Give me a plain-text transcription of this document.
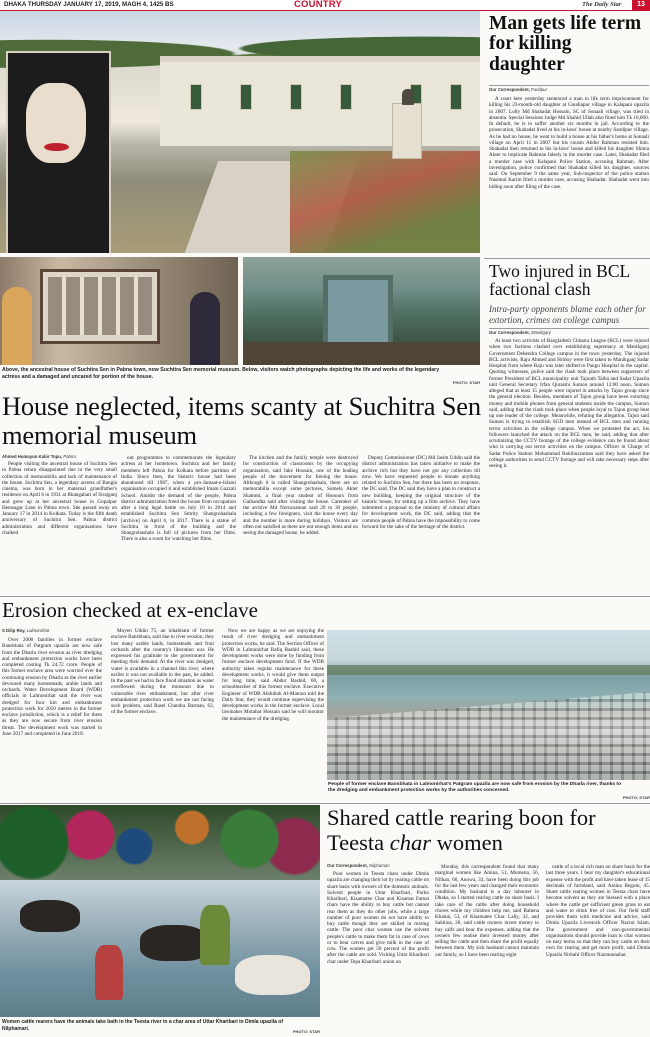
DHAKA THURSDAY JANUARY 17, 2019, MAGH 4, 1425 BS	COUNTRY	The Daily Star	13
Above, the ancestral house of Suchitra Sen in Pabna town, now Suchitra Sen memorial museum. Below, visitors watch photographs depicting the life and works of the legendary actress and a damaged and uncared for portion of the house.
PHOTO: STAR
Man gets life term for killing daughter
Our Correspondent, Faridpur

A court here yesterday sentenced a man to life term imprisonment for killing his 23-month-old daughter at Gaudiapur village in Kalapani upazila in 2007. Lolly Md Shahadat Hossain, SC of Sonaali village, was tried in absentia. Special Sessions Judge Md Shahid Ullah also fined him Tk 10,000. In default, he is to suffer another six months in jail. According to the prosecution, Shahadat lived at his in-laws' house at nearby Sandipur village. As he had no house, he went to build a house at his father's home at Sonaali village on April 11 in 2007 but his cousin Abdur Rahman resisted him. Shahadat then returned to his in-laws' house and killed his daughter Shima Akter to implicate Rahman falsely in the murder case. Later, Shahadat filed a murder case with Kalapani Police Station, accusing Rahman. After investigation, police confirmed that Shahadat killed his daughter, sources said. On September 9 the same year, Sub-inspector of the police station Nasimul Karim filed a murder case, accusing Shahadat. Shahadat went into hiding soon after filing of the case.

Two injured in BCL factional clash
Intra-party opponents blame each other for extortion, crimes on college campus
Our Correspondent, Manikganj

At least two activists of Bangladesh Chhatra League (BCL) were injured when two factions clashed over establishing supremacy at Manikganj Government Debendra College campus in the town yesterday. The injured BCL activists, Raju Ahmed and Hridoy were first taken to Manikganj Sadar Hospital from where Raju was later shifted to Pangu Hospital in the capital. Quoting witnesses, police said the clash took place between supporters of former President of BCL municipality unit Tajonth Talha and Sadar Upazila unit General Secretary Irfan Quraishi Sumon around 12:00 noon. Sumon alleged that at least 15 people were injured in attacks by Tajon group since the general election. Besides, members of Tajon group have been extorting money and mobile phones from general students inside the campus, Sumon said, adding that the clash took place when people loyal to Tajon group beat up one leader of the college. Meanwhile, refuting the allegation, Tajon said Sumon is trying to establish SGD men instead of BCL men and running terror activities in the college campus. When we protested the act, his followers launched the attack on the BCL men, he said, adding that after scrutinizing the CCTV footage of the college evidence can be found about who is carrying out terror activities on the campus. Officer in Charge of Sadar Police Station Mohammad Rokibuzzaman said they have asked the college authorities to send CCTV footage and will take necessary steps after seeing it.

House neglected, items scanty at Suchitra Sen memorial museum
Ahmed Humayun Kabir Topu, Pabna

People visiting the ancestral house of Suchitra Sen in Pabna return disappointed due to the very small collection of memorabilia and lack of maintenance of the house. Suchitra Sen, a legendary actress of Bangla cinema, was born in her maternal grandfather's residence on April 6 in 1931 at Bhangabari of Sirajganj and grew up at her ancestral house in Gopalpur Hemsagar Lane in Pabna town. She passed away on January 17 in 2014 in Kolkata. Today is the fifth death anniversary of Suchitra Sen. Pabna district administration and different organisations have chalked

out programmes to commemorate the legendary actress at her hometown. Suchitra and her family members left Pabna for Kolkata before partition of India. Since then, the historic house had been abandoned till 1987, when a pro-Jamaat-e-Islami organisation occupied it and established Imam Gazzali School. Amidst the demand of the people, Pabna district administration freed the house from occupation after a long legal battle on July 16 in 2014 and established Suchitra Sen Smrity Shangrohashala [archive] on April 6, in 2017. There is a statue of Suchitra in front of the building and the Shangrohashala is full of pictures from her films. There is also a room for watching her films.

The kitchen and the family temple were destroyed for construction of classrooms by the occupying organisation, said Jake Hossain, one of the leading people of the movement for freeing the house. Although it is called Shangrohashala, there are no memorabilia except some pictures, Sumela Akter Shammi, a final year student of Honours from Gaibandha said after visiting the house. Caretaker of the archive Md Noruzzaman said 20 to 30 people, including a few foreigners, visit the house every day and the number is more during holidays. Visitors are often not satisfied as there are not enough items and on seeing the damaged house, he added.

Deputy Commissioner (DC) Md Jasim Uddin said the district administration has taken initiative to make the archive rich but they have not got any collection till now. We have requested people to donate anything related to Suchitra Sen, but there has been no response, the DC said. The DC said they have a plan to construct a new building, keeping the original structure of the historic house, for setting up a film archive. They have submitted a proposal to the ministry of cultural affairs for development work, the DC said, adding that the common people of Pabna have the impossibility to come forward for the sake of the heritage of the district.

Erosion checked at ex-enclave
S Dilip Roy, Lalmonirhat

Over 2000 families in former enclave Bansbhata of Patgram upazila are now safe from the Dharla river erosion as river dredging and embankment protection works have been completed costing Tk 24.72 crore. People of this former enclave area were worried over the continuing erosion by Dharla as the river earlier devoured many homesteads, arable lands and orchards. Water Development Board (WDB) officials in Lalmonirhat said the river was dredged for four km and embankment protection work for 2050 metres in the former enclave jurisdiction, which is a relief for them as they are now secure from river erosion threat. The development work was started in June 2017 and completed in June 2018.

Moyen Uddin 75, an inhabitant of former enclave Bansbhata, said due to river erosion, they lost many arable lands, homesteads and fruit orchards after the country's liberation war. He expressed his gratitude to the government for meeting their demand. At the river was dredged, water is available in a channel this river, where earlier it was not available in the past, he added. In the past we had to face flood situation as water overflowed during the monsoon due to vulnerable river embankment, but after river embankment protection work we are not facing such problem, said Rasel Chandra Barman, 62, of the former enclave.

Now we are happy as we are enjoying the result of river dredging and embankment protection works, he said. The Section Officer of WDB in Lalmonirhat Rafiq Rashid said, these development works were done by funding from former enclave development fund. If the WDB authority takes regular maintenance for these development works, it would give them output for long time, said Abdur Rashid, 60, a schoolteacher of this former enclave. Executive Engineer of WDB Abdullah Al-Mamun told the Daily Star, they would continue supervising the development works in the former enclave. Local lawmaker Motahar Hossain said he will monitor the maintenance of the dredging.

People of former enclave Bansbhata in Lalmonirhat's Patgram upazila are now safe from erosion by the Dharla river, thanks to the dredging and embankment protection works by the authorities concerned.
PHOTO: STAR
Women cattle rearers have the animals take bath in the Teesta river in a char area of Uttar Kharibari in Dimla upazila of Nilphamari.	PHOTO: STAR
Shared cattle rearing boon for Teesta char women
Our Correspondent, Nilphamari

Poor women in Teesta chars under Dimla upazila are changing their lot by rearing cattle on share basis with owners of the domestic animals. Solvent people in Uttar Kharibari, Purbo Kharibari, Kisamatee Char and Kisamat Fatnai chars have the ability to buy cattle but cannot rear them as they do other jobs, while a large number of poor women do not have ability to buy cattle though they are skilled in rearing cattle. The poor char women use the solvent people's cattle to make them fat in case of cows or to bear calves and give milk in the case of cow. The women get 50 percent of the profit after the cattle are sold. Visiting Uttar Kharibari char under Tepa Kharibari union on

Monday, this correspondent found that many marginal women like Amina, 51, Momena, 56, Nilhan, 60, Anowa, 33, have been doing this job for the last few years and changed their economic condition. My husband is a day labourer in Dhaka, so I started rearing cattle on share basis. I take care of the cattle after doing household chores while my children help me, said Rahena Khatun, 53, of Kisamatee Char. Lally, 32, and Sakhina, 28, said cattle owners invest money to buy calfs and bear the expenses, adding that the owners few realise their invested money after selling the cattle and then share the profit equally between them. My sick husband cannot maintain our family, so I have been rearing eight

cattle of a local rich man on share basis for the last three years. I bear my daughter's educational expense with the profit and have taken lease of 15 decimals of farmland, said Amina Begum, 45. Share cattle rearing women in Teesta chars have become solvent as they are blessed with a place where the cattle get sufficient green grass to eat and water to drink free of cost. Our field staff provides them with medicine and advice, said Dimla Upazila Livestock Officer Nazrul Islam. The government and non-governmental organisations should provide loan to char women on easy terms so that they can buy cattle on their own for rearing and get more profit, said Dimla Upazila Nirbahi Officer Nazmunnahar.
